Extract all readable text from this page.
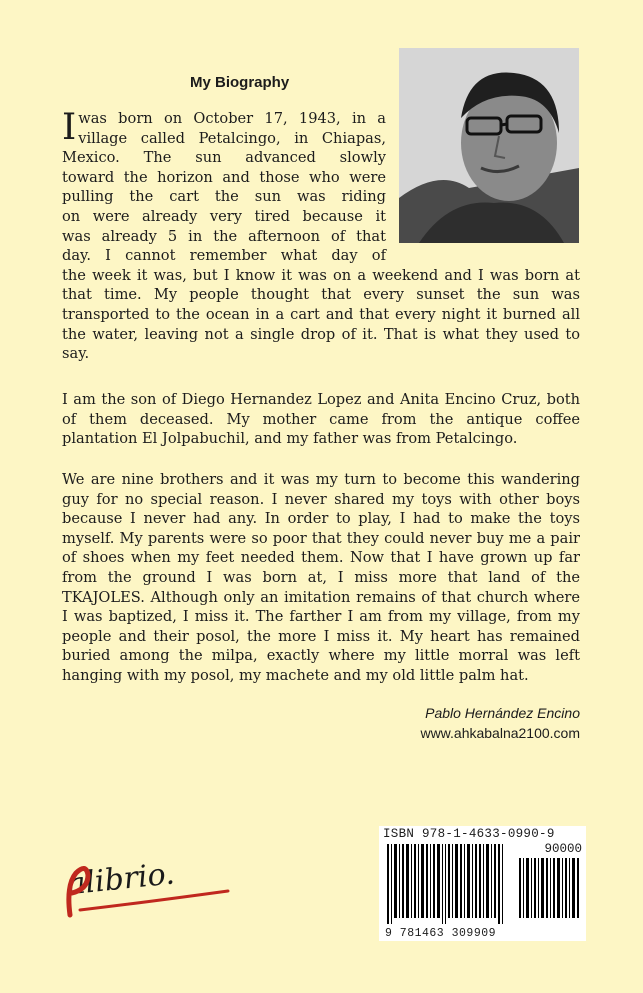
My Biography
I was born on October 17, 1943, in a
village called Petalcingo, in Chiapas,
Mexico. The sun advanced slowly
toward the horizon and those who were
pulling the cart the sun was riding
on were already very tired because it
was already 5 in the afternoon of that
day. I cannot remember what day of
the week it was, but I know it was on a weekend and I was born at that time. My people thought that every sunset the sun was transported to the ocean in a cart and that every night it burned all the water, leaving not a single drop of it. That is what they used to say.

I am the son of Diego Hernandez Lopez and Anita Encino Cruz, both of them deceased. My mother came from the antique coffee plantation El Jolpabuchil, and my father was from Petalcingo.

We are nine brothers and it was my turn to become this wandering guy for no special reason. I never shared my toys with other boys because I never had any. In order to play, I had to make the toys myself. My parents were so poor that they could never buy me a pair of shoes when my feet needed them. Now that I have grown up far from the ground I was born at, I miss more that land of the TKAJOLES. Although only an imitation remains of that church where I was baptized, I miss it. The farther I am from my village, from my people and their posol, the more I miss it. My heart has remained buried among the milpa, exactly where my little morral was left hanging with my posol, my machete and my old little palm hat.

Pablo Hernández Encino
www.ahkabalna2100.com
alibrio.
ISBN 978-1-4633-0990-9
90000
9 781463 309909
